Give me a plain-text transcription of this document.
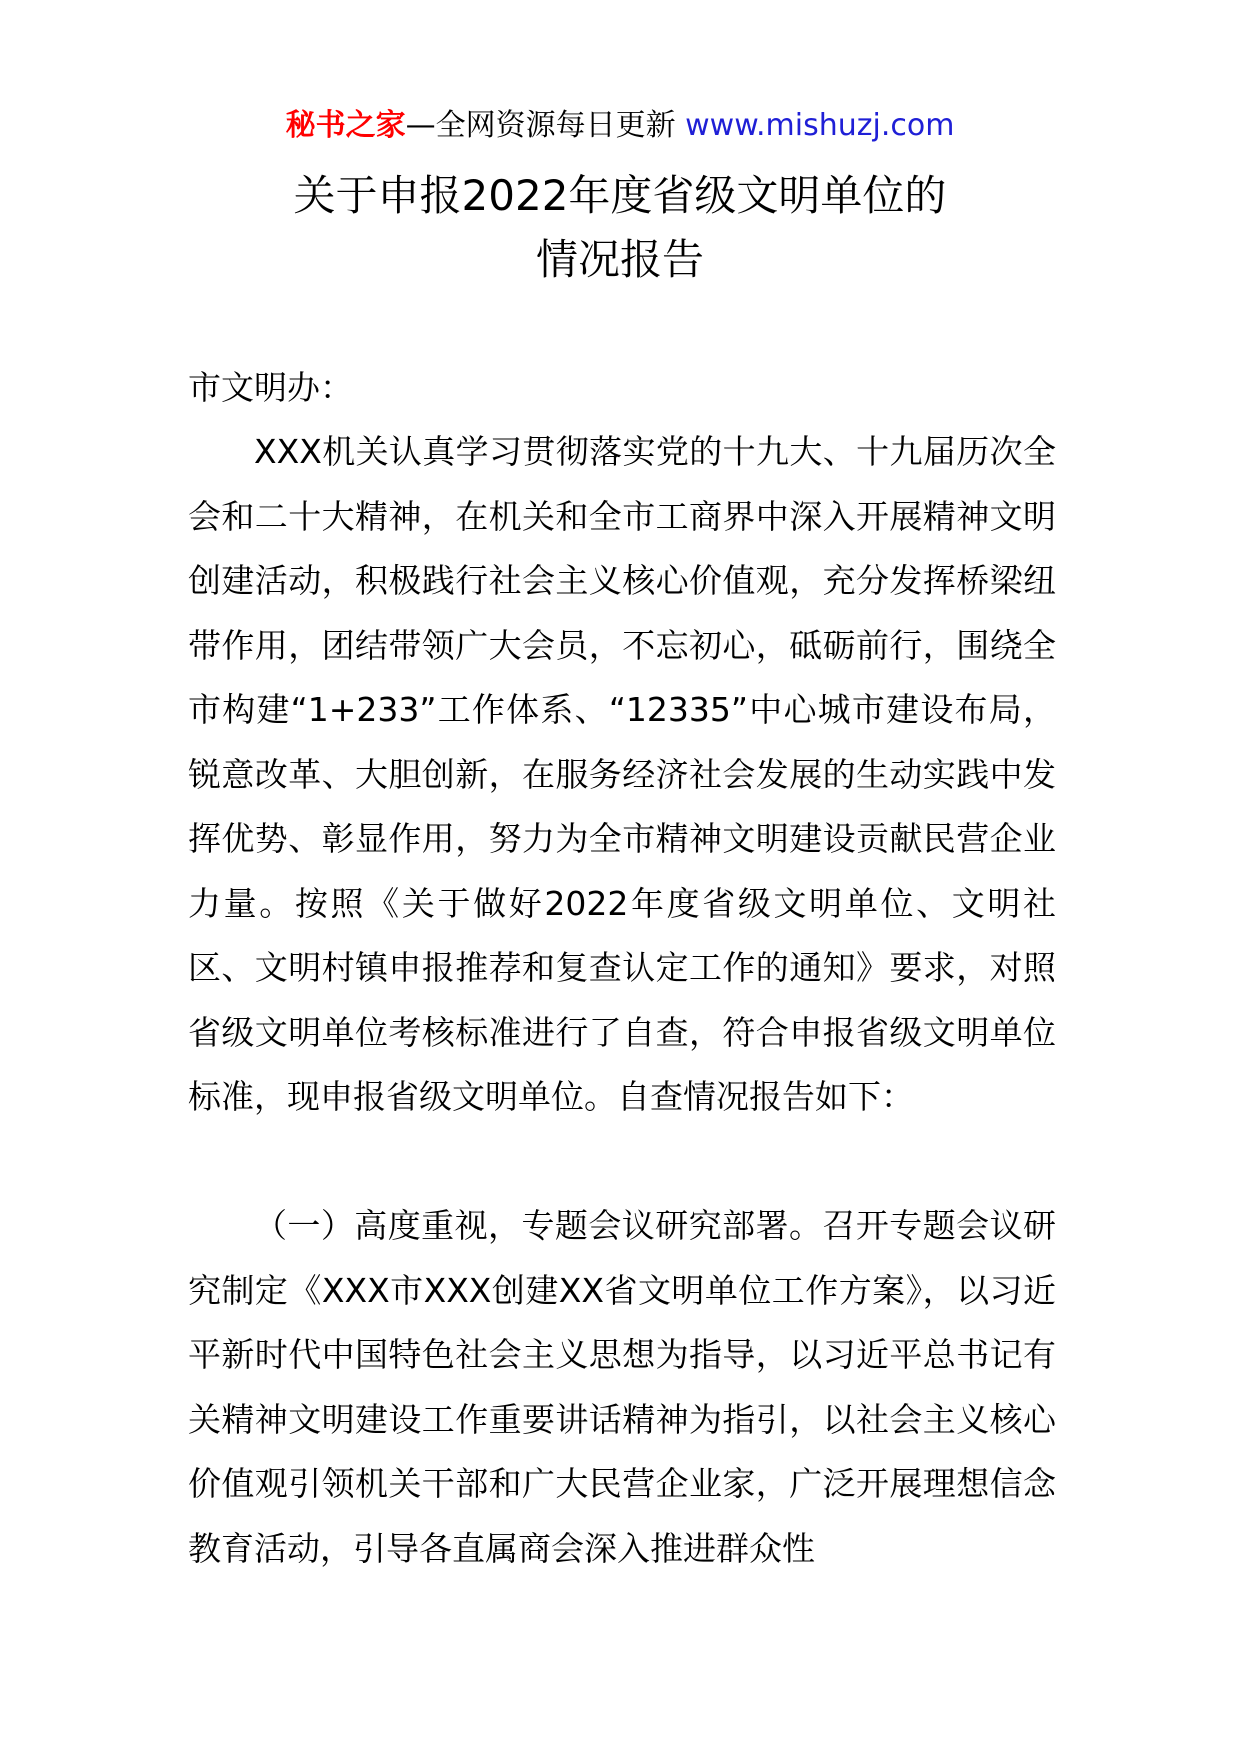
秘书之家—全网资源每日更新 www.mishuzj.com
关于申报2022年度省级文明单位的
情况报告
市文明办：

XXX机关认真学习贯彻落实党的十九大、十九届历次全会和二十大精神，在机关和全市工商界中深入开展精神文明创建活动，积极践行社会主义核心价值观，充分发挥桥梁纽带作用，团结带领广大会员，不忘初心，砥砺前行，围绕全市构建“1+233”工作体系、“12335”中心城市建设布局，锐意改革、大胆创新，在服务经济社会发展的生动实践中发挥优势、彰显作用，努力为全市精神文明建设贡献民营企业力量。按照《关于做好2022年度省级文明单位、文明社区、文明村镇申报推荐和复查认定工作的通知》要求，对照省级文明单位考核标准进行了自查，符合申报省级文明单位标准，现申报省级文明单位。自查情况报告如下：

（一）高度重视，专题会议研究部署。召开专题会议研究制定《XXX市XXX创建XX省文明单位工作方案》，以习近平新时代中国特色社会主义思想为指导，以习近平总书记有关精神文明建设工作重要讲话精神为指引，以社会主义核心价值观引领机关干部和广大民营企业家，广泛开展理想信念教育活动，引导各直属商会深入推进群众性
